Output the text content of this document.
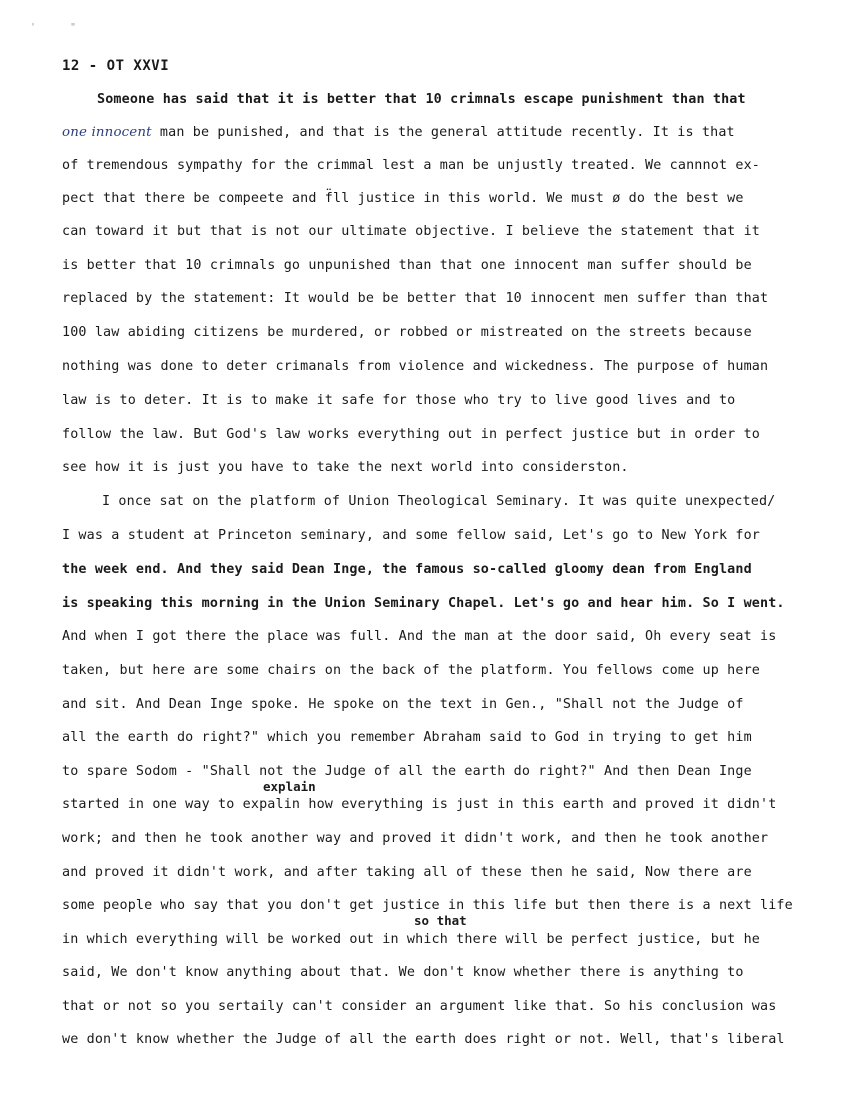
' "
12 - OT XXVI
Someone has said that it is better that 10 crimnals escape punishment than that
one innocent man be punished, and that is the general attitude recently. It is that
of tremendous sympathy for the crimmal lest a man be unjustly treated. We cannnot ex-
pect that there be compeete and f̈ll justice in this world. We must ø do the best we
can toward it but that is not our ultimate objective. I believe the statement that it
is better that 10 crimnals go unpunished than that one innocent man suffer should be
replaced by the statement: It would be be better that 10 innocent men suffer than that
100 law abiding citizens be murdered, or robbed or mistreated on the streets because
nothing was done to deter crimanals from violence and wickedness. The purpose of human
law is to deter. It is to make it safe for those who try to live good lives and to
follow the law. But God's law works everything out in perfect justice but in order to
see how it is just you have to take the next world into considerston.
I once sat on the platform of Union Theological Seminary. It was quite unexpected/
I was a student at Princeton seminary, and some fellow said, Let's go to New York for
the week end. And they said Dean Inge, the famous so-called gloomy dean from England
is speaking this morning in the Union Seminary Chapel. Let's go and hear him. So I went.
And when I got there the place was full. And the man at the door said, Oh every seat is
taken, but here are some chairs on the back of the platform. You fellows come up here
and sit. And Dean Inge spoke. He spoke on the text in Gen., "Shall not the Judge of
all the earth do right?" which you remember Abraham said to God in trying to get him
to spare Sodom - "Shall not the Judge of all the earth do right?" And then Dean Inge
explain
started in one way to expalin how everything is just in this earth and proved it didn't
work; and then he took another way and proved it didn't work, and then he took another
and proved it didn't work, and after taking all of these then he said, Now there are
some people who say that you don't get justice in this life but then there is a next life
so that
in which everything will be worked out in which there will be perfect justice, but he
said, We don't know anything about that. We don't know whether there is anything to
that or not so you sertaily can't consider an argument like that. So his conclusion was
we don't know whether the Judge of all the earth does right or not. Well, that's liberal
